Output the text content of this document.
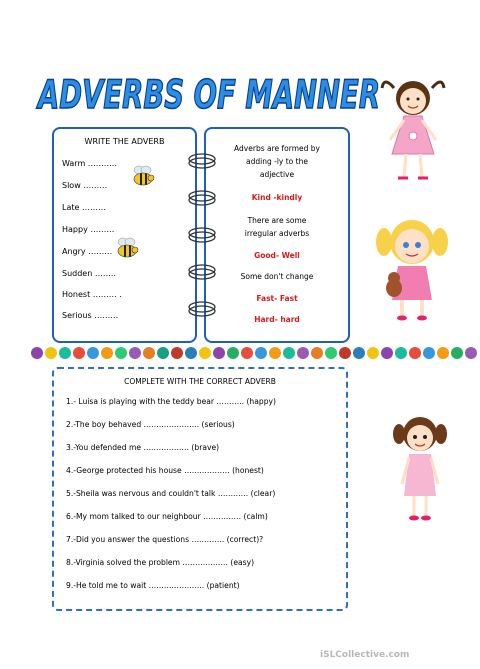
ADVERBS OF MANNER
WRITE THE ADVERB
Warm ………..
Slow ………
Late ………
Happy ………
Angry ………
Sudden ……..
Honest ……… .
Serious ………
Adverbs are formed by
adding -ly to the
adjective
Kind -kindly
There are some
irregular adverbs
Good- Well
Some don't change
Fast- Fast
Hard- hard
COMPLETE WITH THE CORRECT ADVERB
1.- Luisa is playing with the teddy bear ……….. (happy)
2.-The boy behaved …………………. (serious)
3.-You defended me ……………… (brave)
4.-George protected his house ……………… (honest)
5.-Sheila was nervous and couldn't talk ………… (clear)
6.-My mom talked to our neighbour …………… (calm)
7.-Did you answer the questions …………. (correct)?
8.-Virginia solved the problem ……………… (easy)
9.-He told me to wait …………………. (patient)
iSLCollective.com
